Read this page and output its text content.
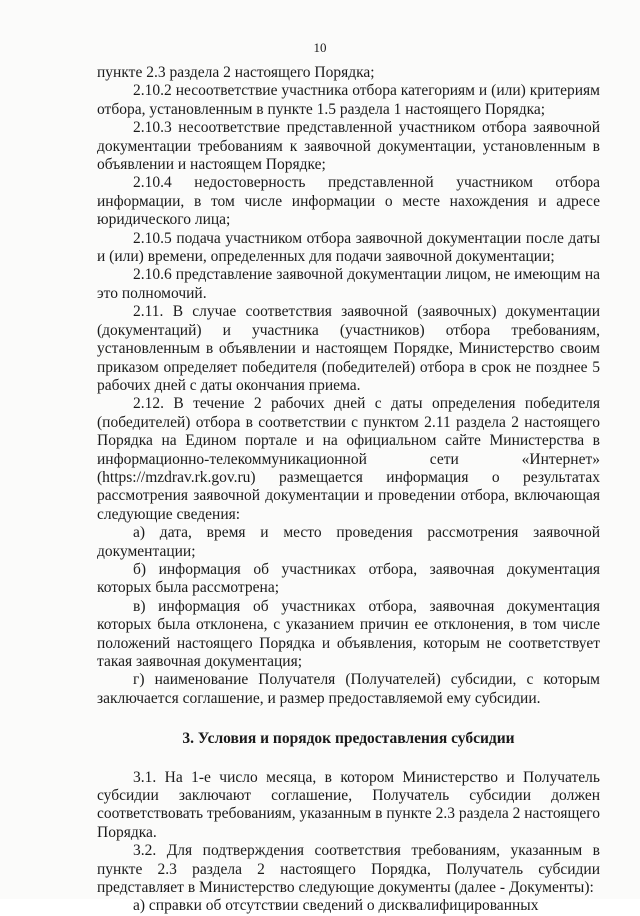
10

пункте 2.3 раздела 2 настоящего Порядка;

2.10.2 несоответствие участника отбора категориям и (или) критериям отбора, установленным в пункте 1.5 раздела 1 настоящего Порядка;

2.10.3 несоответствие представленной участником отбора заявочной документации требованиям к заявочной документации, установленным в объявлении и настоящем Порядке;

2.10.4 недостоверность представленной участником отбора информации, в том числе информации о месте нахождения и адресе юридического лица;

2.10.5 подача участником отбора заявочной документации после даты и (или) времени, определенных для подачи заявочной документации;

2.10.6 представление заявочной документации лицом, не имеющим на это полномочий.

2.11. В случае соответствия заявочной (заявочных) документации (документаций) и участника (участников) отбора требованиям, установленным в объявлении и настоящем Порядке, Министерство своим приказом определяет победителя (победителей) отбора в срок не позднее 5 рабочих дней с даты окончания приема.

2.12. В течение 2 рабочих дней с даты определения победителя (победителей) отбора в соответствии с пунктом 2.11 раздела 2 настоящего Порядка на Едином портале и на официальном сайте Министерства в информационно-телекоммуникационной сети «Интернет» (https://mzdrav.rk.gov.ru) размещается информация о результатах рассмотрения заявочной документации и проведении отбора, включающая следующие сведения:

а) дата, время и место проведения рассмотрения заявочной документации;

б) информация об участниках отбора, заявочная документация которых была рассмотрена;

в) информация об участниках отбора, заявочная документация которых была отклонена, с указанием причин ее отклонения, в том числе положений настоящего Порядка и объявления, которым не соответствует такая заявочная документация;

г) наименование Получателя (Получателей) субсидии, с которым заключается соглашение, и размер предоставляемой ему субсидии.

3. Условия и порядок предоставления субсидии

3.1. На 1-е число месяца, в котором Министерство и Получатель субсидии заключают соглашение, Получатель субсидии должен соответствовать требованиям, указанным в пункте 2.3 раздела 2 настоящего Порядка.

3.2. Для подтверждения соответствия требованиям, указанным в пункте 2.3 раздела 2 настоящего Порядка, Получатель субсидии представляет в Министерство следующие документы (далее - Документы):

а) справки об отсутствии сведений о дисквалифицированных
